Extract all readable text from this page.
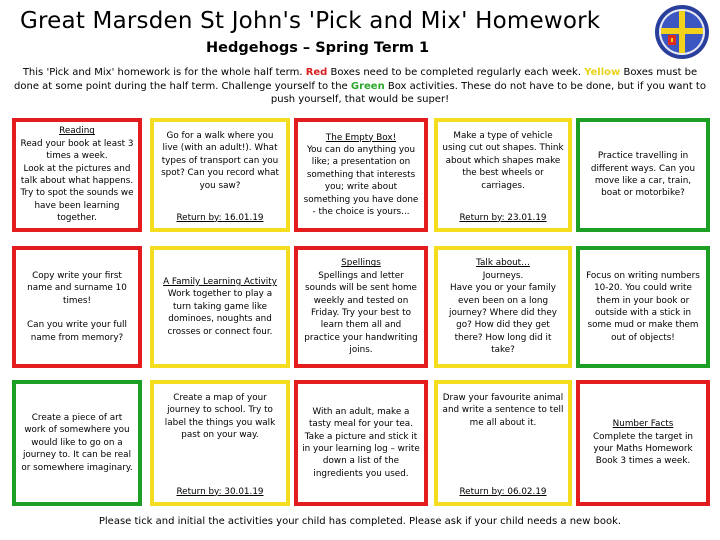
Great Marsden St John's 'Pick and Mix' Homework
Hedgehogs – Spring Term 1
This 'Pick and Mix' homework is for the whole half term. Red Boxes need to be completed regularly each week. Yellow Boxes must be done at some point during the half term. Challenge yourself to the Green Box activities. These do not have to be done, but if you want to push yourself, that would be super!

Reading

Read your book at least 3 times a week.

Look at the pictures and talk about what happens. Try to spot the sounds we have been learning together.

Go for a walk where you live (with an adult!). What types of transport can you spot? Can you record what you saw?

Return by: 16.01.19

The Empty Box!

You can do anything you like; a presentation on something that interests you; write about something you have done - the choice is yours...

Make a type of vehicle using cut out shapes. Think about which shapes make the best wheels or carriages.

Return by: 23.01.19

Practice travelling in different ways. Can you move like a car, train, boat or motorbike?

Copy write your first name and surname 10 times!

Can you write your full name from memory?

A Family Learning Activity

Work together to play a turn taking game like dominoes, noughts and crosses or connect four.

Spellings

Spellings and letter sounds will be sent home weekly and tested on Friday. Try your best to learn them all and practice your handwriting joins.

Talk about…

Journeys.

Have you or your family even been on a long journey? Where did they go? How did they get there? How long did it take?

Focus on writing numbers 10-20. You could write them in your book or outside with a stick in some mud or make them out of objects!

Create a piece of art work of somewhere you would like to go on a journey to. It can be real or somewhere imaginary.

Create a map of your journey to school. Try to label the things you walk past on your way.

Return by: 30.01.19

With an adult, make a tasty meal for your tea. Take a picture and stick it in your learning log – write down a list of the ingredients you used.

Draw your favourite animal and write a sentence to tell me all about it.

Return by: 06.02.19

Number Facts

Complete the target in your Maths Homework Book 3 times a week.

Please tick and initial the activities your child has completed. Please ask if your child needs a new book.
